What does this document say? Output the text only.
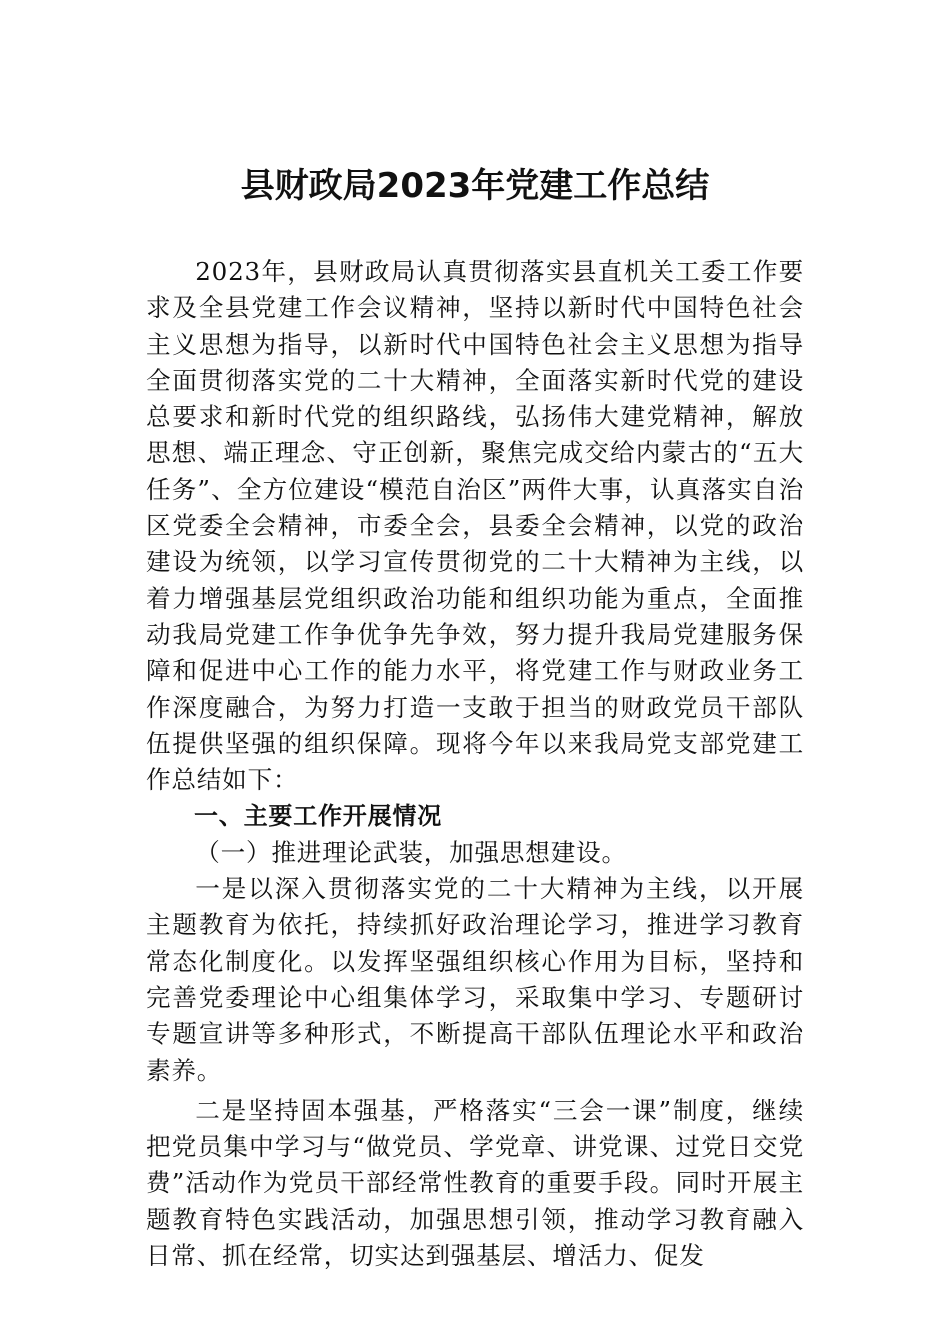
县财政局2023年党建工作总结

2023年，县财政局认真贯彻落实县直机关工委工作要求及全县党建工作会议精神，坚持以新时代中国特色社会主义思想为指导，以新时代中国特色社会主义思想为指导全面贯彻落实党的二十大精神，全面落实新时代党的建设总要求和新时代党的组织路线，弘扬伟大建党精神，解放思想、端正理念、守正创新，聚焦完成交给内蒙古的“五大任务”、全方位建设“模范自治区”两件大事，认真落实自治区党委全会精神，市委全会，县委全会精神，以党的政治建设为统领，以学习宣传贯彻党的二十大精神为主线，以着力增强基层党组织政治功能和组织功能为重点，全面推动我局党建工作争优争先争效，努力提升我局党建服务保障和促进中心工作的能力水平，将党建工作与财政业务工作深度融合，为努力打造一支敢于担当的财政党员干部队伍提供坚强的组织保障。现将今年以来我局党支部党建工作总结如下：

一、主要工作开展情况

（一）推进理论武装，加强思想建设。

一是以深入贯彻落实党的二十大精神为主线，以开展主题教育为依托，持续抓好政治理论学习，推进学习教育常态化制度化。以发挥坚强组织核心作用为目标，坚持和完善党委理论中心组集体学习，采取集中学习、专题研讨专题宣讲等多种形式，不断提高干部队伍理论水平和政治素养。

二是坚持固本强基，严格落实“三会一课”制度，继续把党员集中学习与“做党员、学党章、讲党课、过党日交党费”活动作为党员干部经常性教育的重要手段。同时开展主题教育特色实践活动，加强思想引领，推动学习教育融入日常、抓在经常，切实达到强基层、增活力、促发
